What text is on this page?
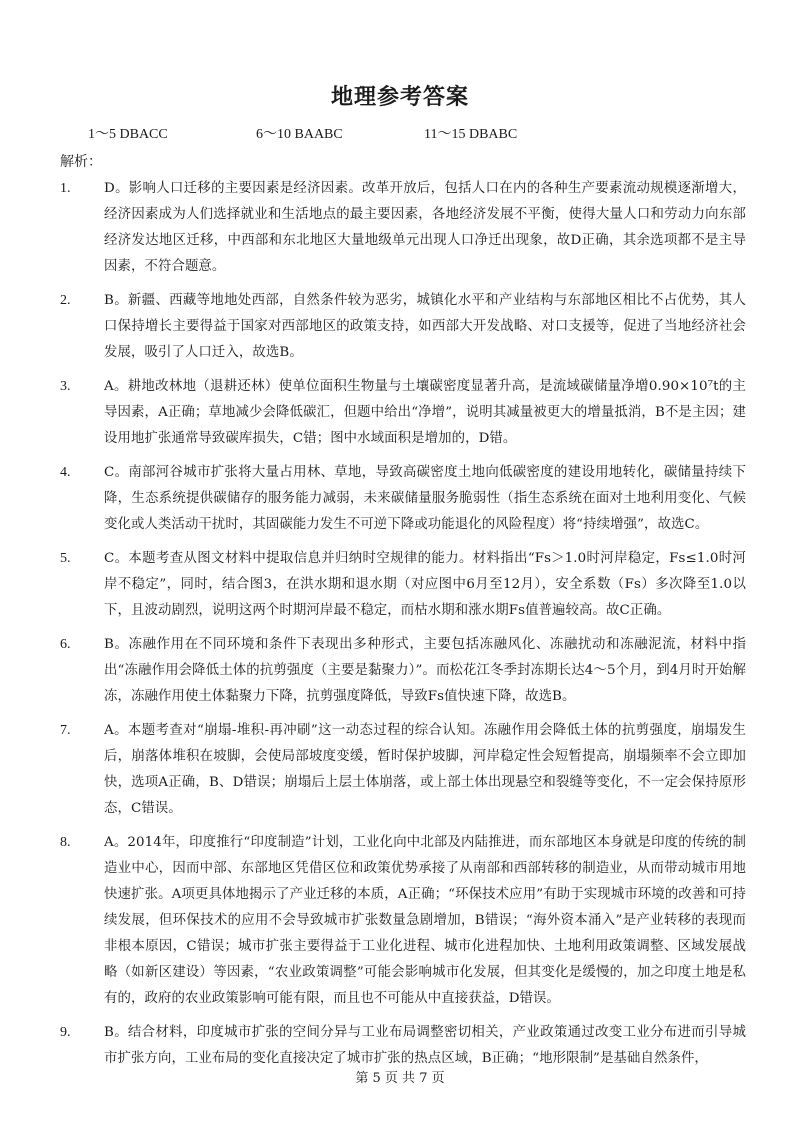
地理参考答案
1～5 DBACC	6～10 BAABC	11～15 DBABC
解析：
1.	D。影响人口迁移的主要因素是经济因素。改革开放后，包括人口在内的各种生产要素流动规模逐渐增大，经济因素成为人们选择就业和生活地点的最主要因素，各地经济发展不平衡，使得大量人口和劳动力向东部经济发达地区迁移，中西部和东北地区大量地级单元出现人口净迁出现象，故D正确，其余选项都不是主导因素，不符合题意。
2.	B。新疆、西藏等地地处西部，自然条件较为恶劣，城镇化水平和产业结构与东部地区相比不占优势，其人口保持增长主要得益于国家对西部地区的政策支持，如西部大开发战略、对口支援等，促进了当地经济社会发展，吸引了人口迁入，故选B。
3.	A。耕地改林地（退耕还林）使单位面积生物量与土壤碳密度显著升高，是流域碳储量净增0.90×10⁷t的主导因素，A正确；草地减少会降低碳汇，但题中给出“净增”，说明其减量被更大的增量抵消，B不是主因；建设用地扩张通常导致碳库损失，C错；图中水域面积是增加的，D错。
4.	C。南部河谷城市扩张将大量占用林、草地，导致高碳密度土地向低碳密度的建设用地转化，碳储量持续下降，生态系统提供碳储存的服务能力减弱，未来碳储量服务脆弱性（指生态系统在面对土地利用变化、气候变化或人类活动干扰时，其固碳能力发生不可逆下降或功能退化的风险程度）将“持续增强”，故选C。
5.	C。本题考查从图文材料中提取信息并归纳时空规律的能力。材料指出“Fs＞1.0时河岸稳定，Fs≤1.0时河岸不稳定”，同时，结合图3，在洪水期和退水期（对应图中6月至12月），安全系数（Fs）多次降至1.0以下，且波动剧烈，说明这两个时期河岸最不稳定，而枯水期和涨水期Fs值普遍较高。故C正确。
6.	B。冻融作用在不同环境和条件下表现出多种形式，主要包括冻融风化、冻融扰动和冻融泥流，材料中指出“冻融作用会降低土体的抗剪强度（主要是黏聚力）”。而松花江冬季封冻期长达4～5个月，到4月时开始解冻，冻融作用使土体黏聚力下降，抗剪强度降低，导致Fs值快速下降，故选B。
7.	A。本题考查对“崩塌-堆积-再冲刷”这一动态过程的综合认知。冻融作用会降低土体的抗剪强度，崩塌发生后，崩落体堆积在坡脚，会使局部坡度变缓，暂时保护坡脚，河岸稳定性会短暂提高，崩塌频率不会立即加快，选项A正确，B、D错误；崩塌后上层土体崩落，或上部土体出现悬空和裂缝等变化，不一定会保持原形态，C错误。
8.	A。2014年，印度推行“印度制造”计划，工业化向中北部及内陆推进，而东部地区本身就是印度的传统的制造业中心，因而中部、东部地区凭借区位和政策优势承接了从南部和西部转移的制造业，从而带动城市用地快速扩张。A项更具体地揭示了产业迁移的本质，A正确；“环保技术应用”有助于实现城市环境的改善和可持续发展，但环保技术的应用不会导致城市扩张数量急剧增加，B错误；“海外资本涌入”是产业转移的表现而非根本原因，C错误；城市扩张主要得益于工业化进程、城市化进程加快、土地利用政策调整、区域发展战略（如新区建设）等因素，“农业政策调整”可能会影响城市化发展，但其变化是缓慢的，加之印度土地是私有的，政府的农业政策影响可能有限，而且也不可能从中直接获益，D错误。
9.	B。结合材料，印度城市扩张的空间分异与工业布局调整密切相关，产业政策通过改变工业分布进而引导城市扩张方向，工业布局的变化直接决定了城市扩张的热点区域，B正确；“地形限制”是基础自然条件，
第 5 页 共 7 页
